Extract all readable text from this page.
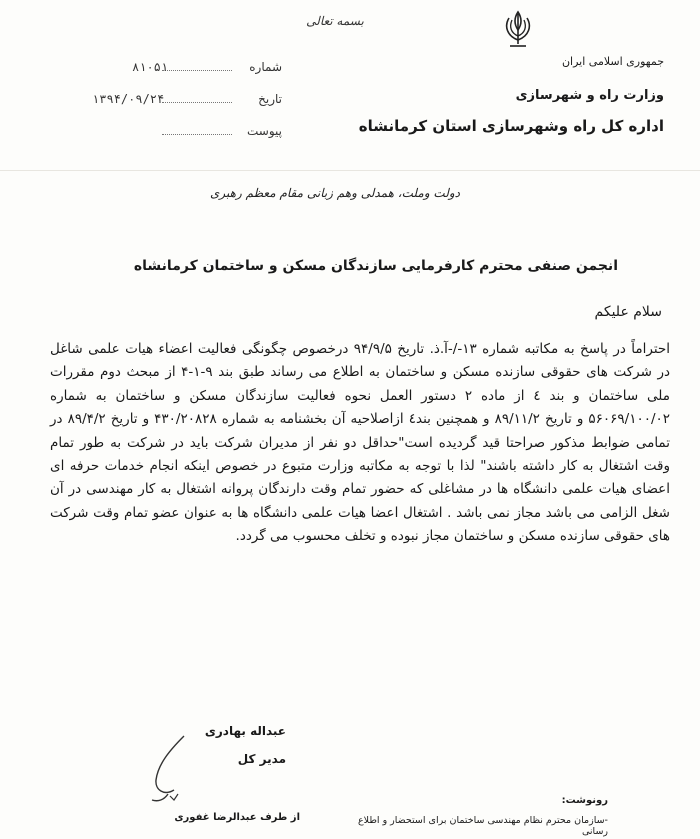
بسمه تعالی
جمهوری اسلامی ایران
وزارت راه و شهرسازی
اداره کل راه وشهرسازی استان کرمانشاه
شماره
۸۱۰۵۱
تاریخ
۱۳۹۴/۰۹/۲۴
پیوست
دولت وملت، همدلی وهم زبانی مقام معظم رهبری
انجمن صنفی محترم کارفرمایی سازندگان مسکن و ساختمان کرمانشاه
سلام علیکم
احتراماً در پاسخ به مکاتبه شماره ۱۳-/-آ.ذ. تاریخ ۹۴/۹/۵ درخصوص چگونگی فعالیت اعضاء هیات علمی شاغل در شرکت های حقوقی سازنده مسکن و ساختمان به اطلاع می رساند طبق بند ۹-۱-۴ از مبحث دوم مقررات ملی ساختمان و بند ٤ از ماده ۲ دستور العمل نحوه فعالیت سازندگان مسکن و ساختمان به شماره ۵۶۰۶۹/۱۰۰/۰۲ و تاریخ ۸۹/۱۱/۲ و همچنین بند٤ ازاصلاحیه آن بخشنامه به شماره ۴۳۰/۲۰۸۲۸ و تاریخ ۸۹/۴/۲ در تمامی ضوابط مذکور صراحتا قید گردیده است"حداقل دو نفر از مدیران شرکت باید در شرکت به طور تمام وقت اشتغال به کار داشته باشند" لذا با توجه به مکاتبه وزارت متبوع در خصوص اینکه انجام خدمات حرفه ای اعضای هیات علمی دانشگاه ها در مشاغلی که حضور تمام وقت دارندگان پروانه اشتغال به کار مهندسی در آن شغل الزامی می باشد مجاز نمی باشد . اشتغال اعضا هیات علمی دانشگاه ها به عنوان عضو تمام وقت شرکت های حقوقی سازنده مسکن و ساختمان مجاز نبوده و تخلف محسوب می گردد.
عبداله بهادری
مدیر کل
از طرف عبدالرضا غفوری
رونوشت:
-سازمان محترم نظام مهندسی ساختمان برای استحضار و اطلاع رسانی
